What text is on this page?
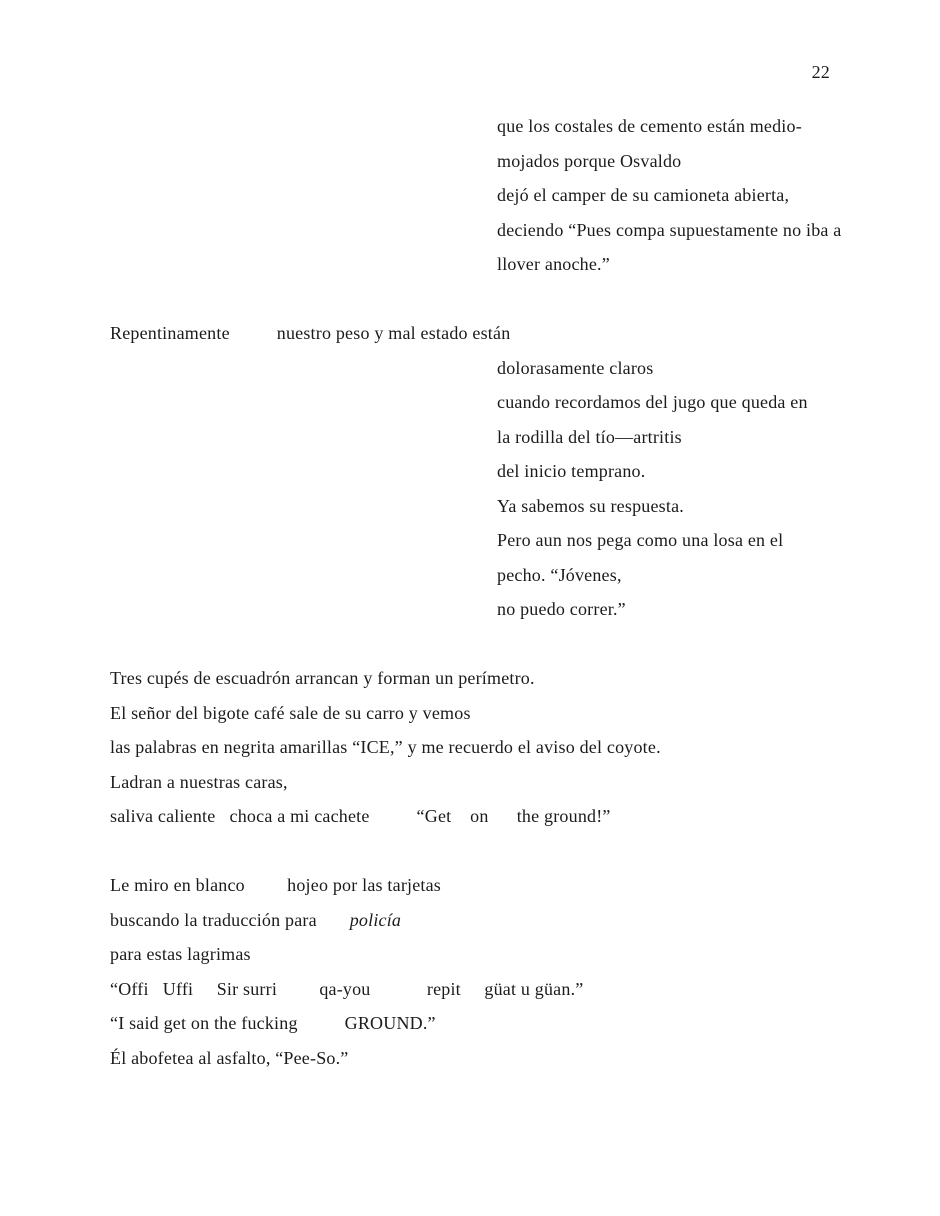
22
que los costales de cemento están medio-
mojados porque Osvaldo
dejó el camper de su camioneta abierta,
deciendo “Pues compa supuestamente no iba a
llover anoche.”
Repentinamente          nuestro peso y mal estado están
dolorasamente claros
cuando recordamos del jugo que queda en
la rodilla del tío—artritis
del inicio temprano.
Ya sabemos su respuesta.
Pero aun nos pega como una losa en el
pecho. “Jóvenes,
no puedo correr.”
Tres cupés de escuadrón arrancan y forman un perímetro.
El señor del bigote café sale de su carro y vemos
las palabras en negrita amarillas “ICE,” y me recuerdo el aviso del coyote.
Ladran a nuestras caras,
saliva caliente   choca a mi cachete          “Get    on      the ground!”
Le miro en blanco         hojeo por las tarjetas
buscando la traducción para       policía
para estas lagrimas
“Offi   Uffi     Sir surri         qa-you            repit     güat u güan.”
“I said get on the fucking          GROUND.”
Él abofetea al asfalto, “Pee-So.”
